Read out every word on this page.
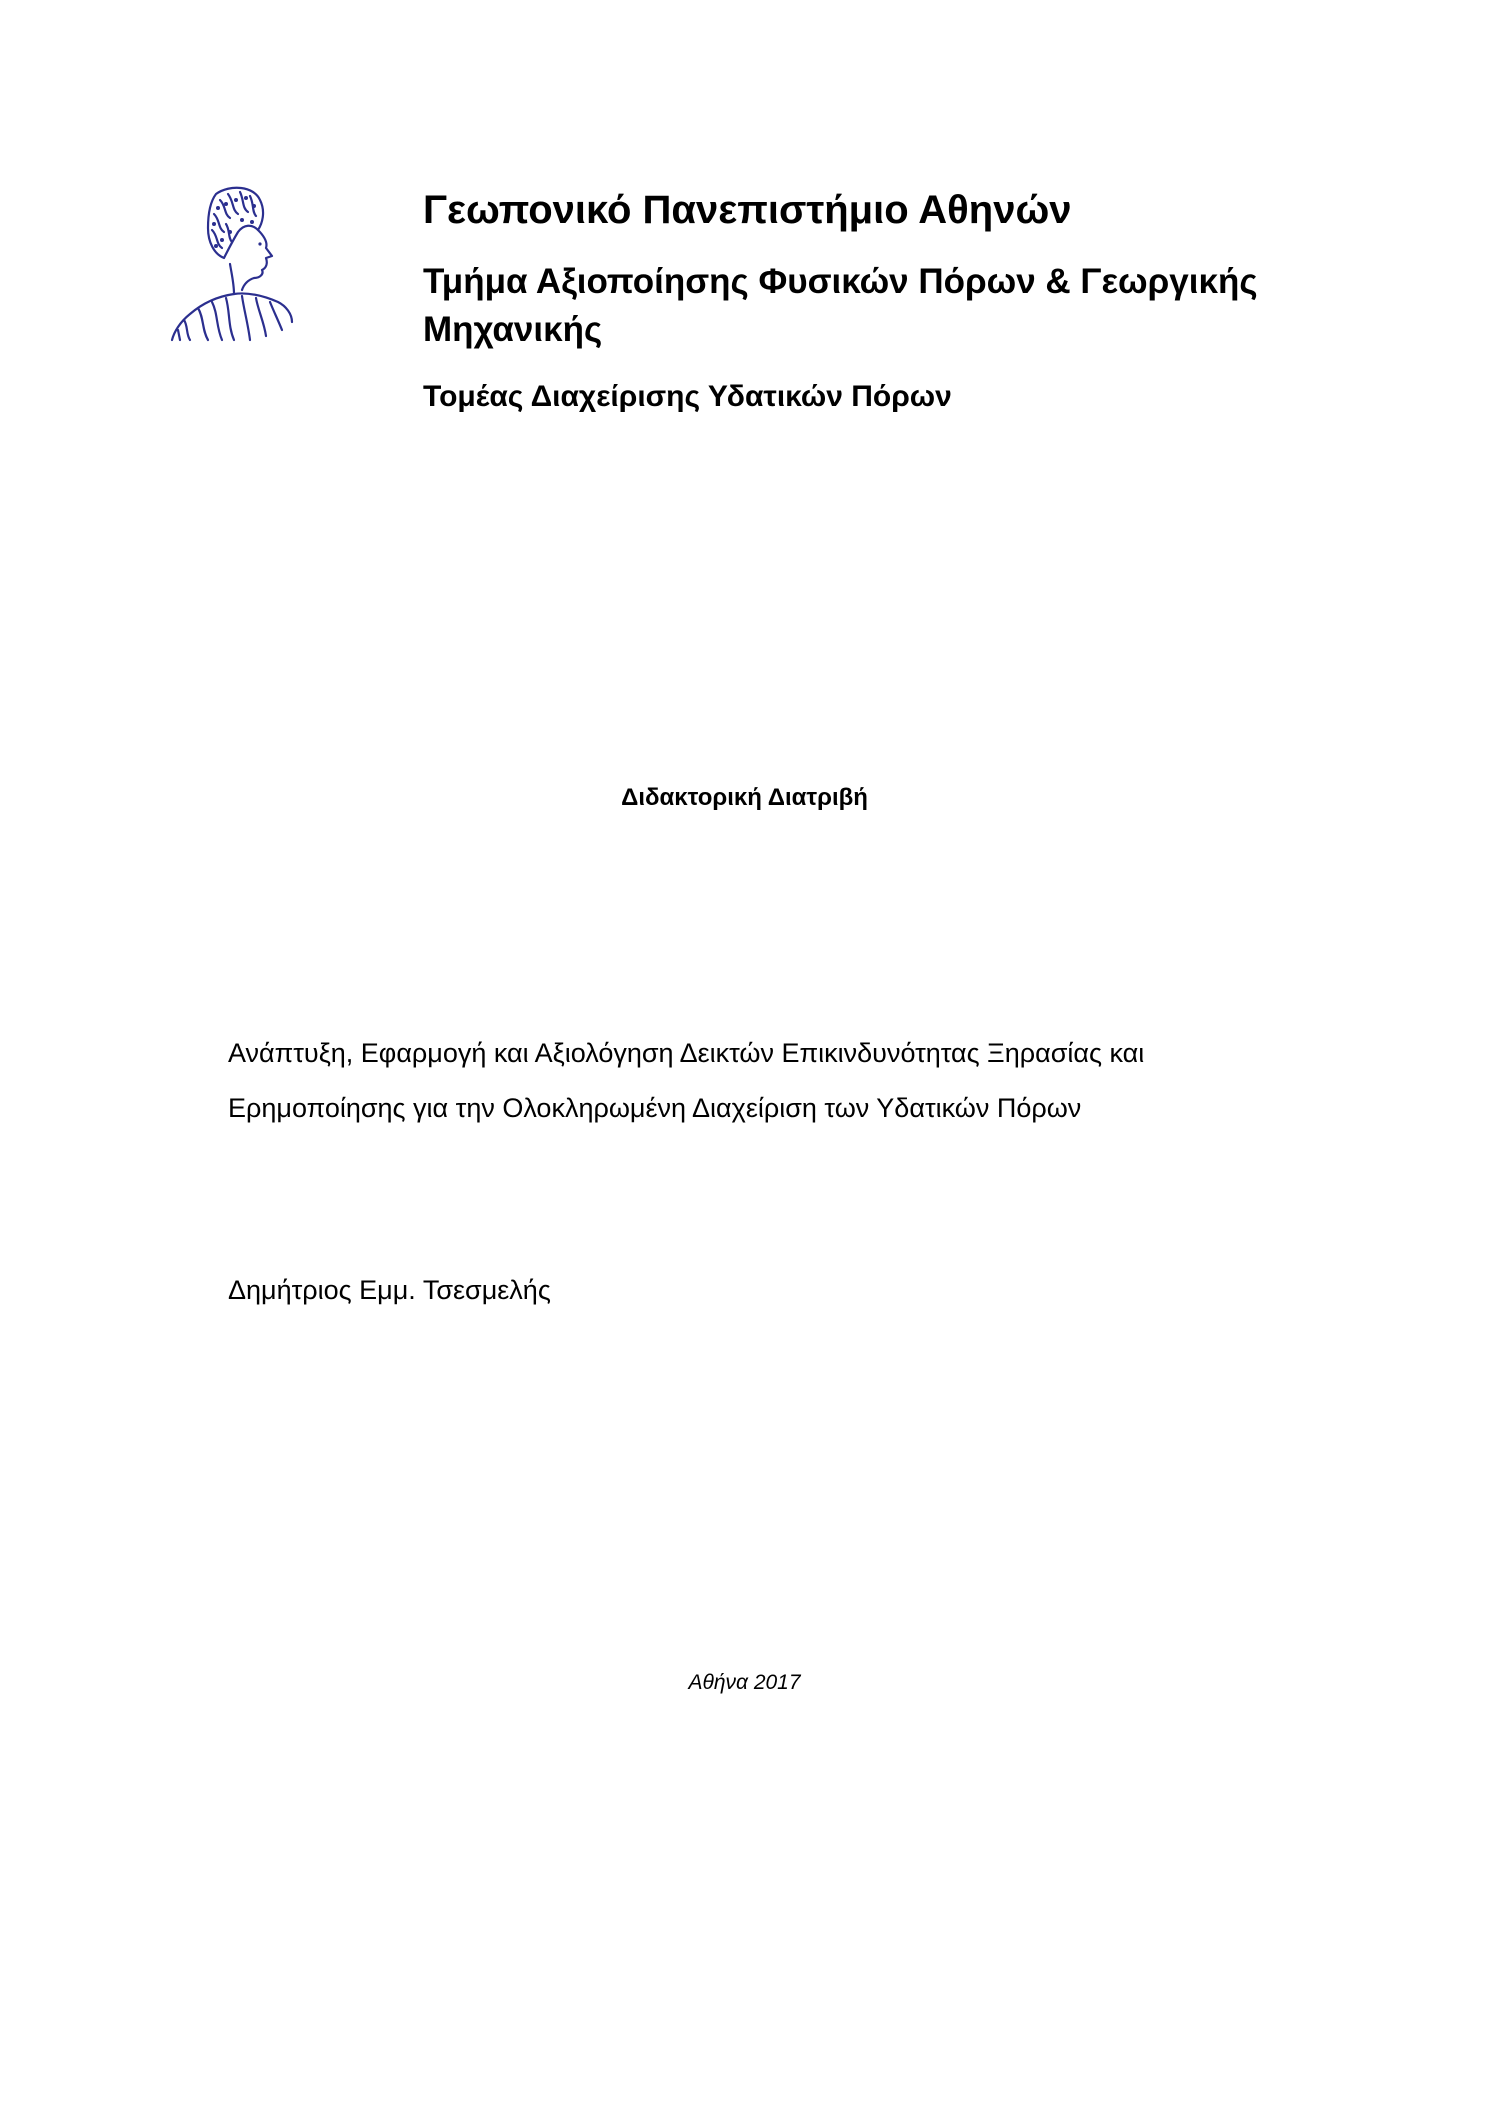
Γεωπονικό Πανεπιστήμιο Αθηνών
Τμήμα Αξιοποίησης Φυσικών Πόρων & Γεωργικής Μηχανικής
Τομέας Διαχείρισης Υδατικών Πόρων
Διδακτορική Διατριβή
Ανάπτυξη, Εφαρμογή και Αξιολόγηση Δεικτών Επικινδυνότητας Ξηρασίας και
Ερημοποίησης για την Ολοκληρωμένη Διαχείριση των Υδατικών Πόρων
Δημήτριος Εμμ. Τσεσμελής
Αθήνα 2017
